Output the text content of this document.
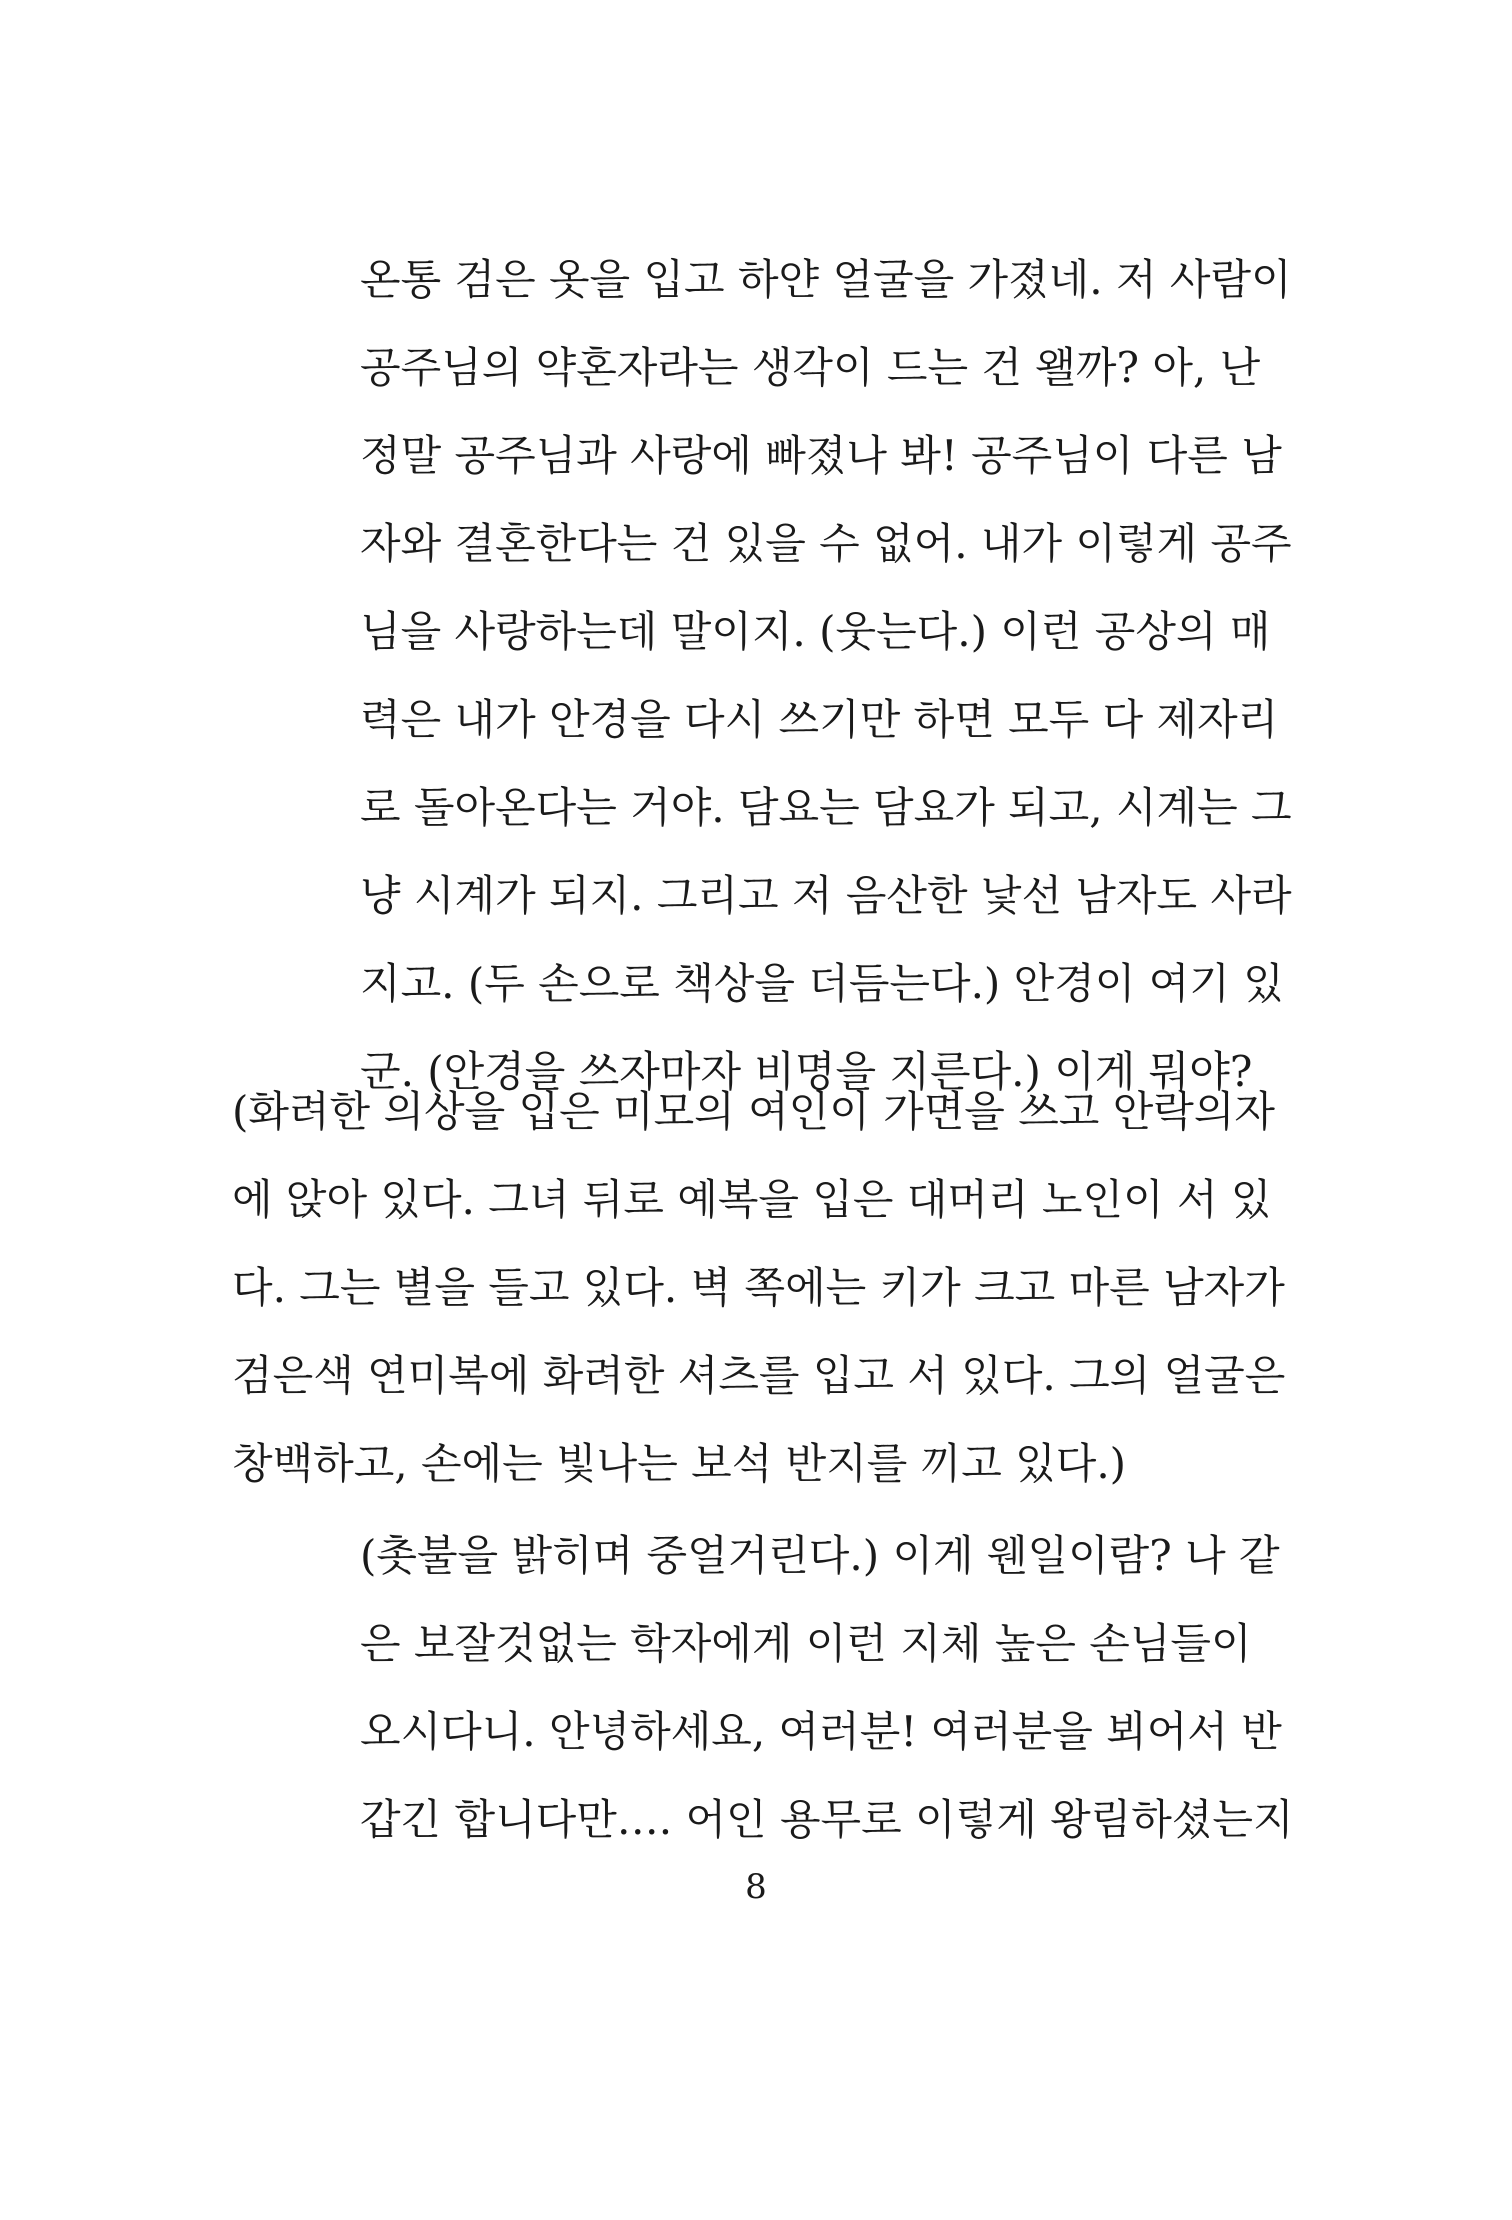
온통 검은 옷을 입고 하얀 얼굴을 가졌네. 저 사람이
공주님의 약혼자라는 생각이 드는 건 왤까? 아, 난
정말 공주님과 사랑에 빠졌나 봐! 공주님이 다른 남
자와 결혼한다는 건 있을 수 없어. 내가 이렇게 공주
님을 사랑하는데 말이지. (웃는다.) 이런 공상의 매
력은 내가 안경을 다시 쓰기만 하면 모두 다 제자리
로 돌아온다는 거야. 담요는 담요가 되고, 시계는 그
냥 시계가 되지. 그리고 저 음산한 낯선 남자도 사라
지고. (두 손으로 책상을 더듬는다.) 안경이 여기 있
군. (안경을 쓰자마자 비명을 지른다.) 이게 뭐야?
(화려한 의상을 입은 미모의 여인이 가면을 쓰고 안락의자
에 앉아 있다. 그녀 뒤로 예복을 입은 대머리 노인이 서 있
다. 그는 별을 들고 있다. 벽 쪽에는 키가 크고 마른 남자가
검은색 연미복에 화려한 셔츠를 입고 서 있다. 그의 얼굴은
창백하고, 손에는 빛나는 보석 반지를 끼고 있다.)
(촛불을 밝히며 중얼거린다.) 이게 웬일이람? 나 같
은 보잘것없는 학자에게 이런 지체 높은 손님들이
오시다니. 안녕하세요, 여러분! 여러분을 뵈어서 반
갑긴 합니다만…. 어인 용무로 이렇게 왕림하셨는지
8
